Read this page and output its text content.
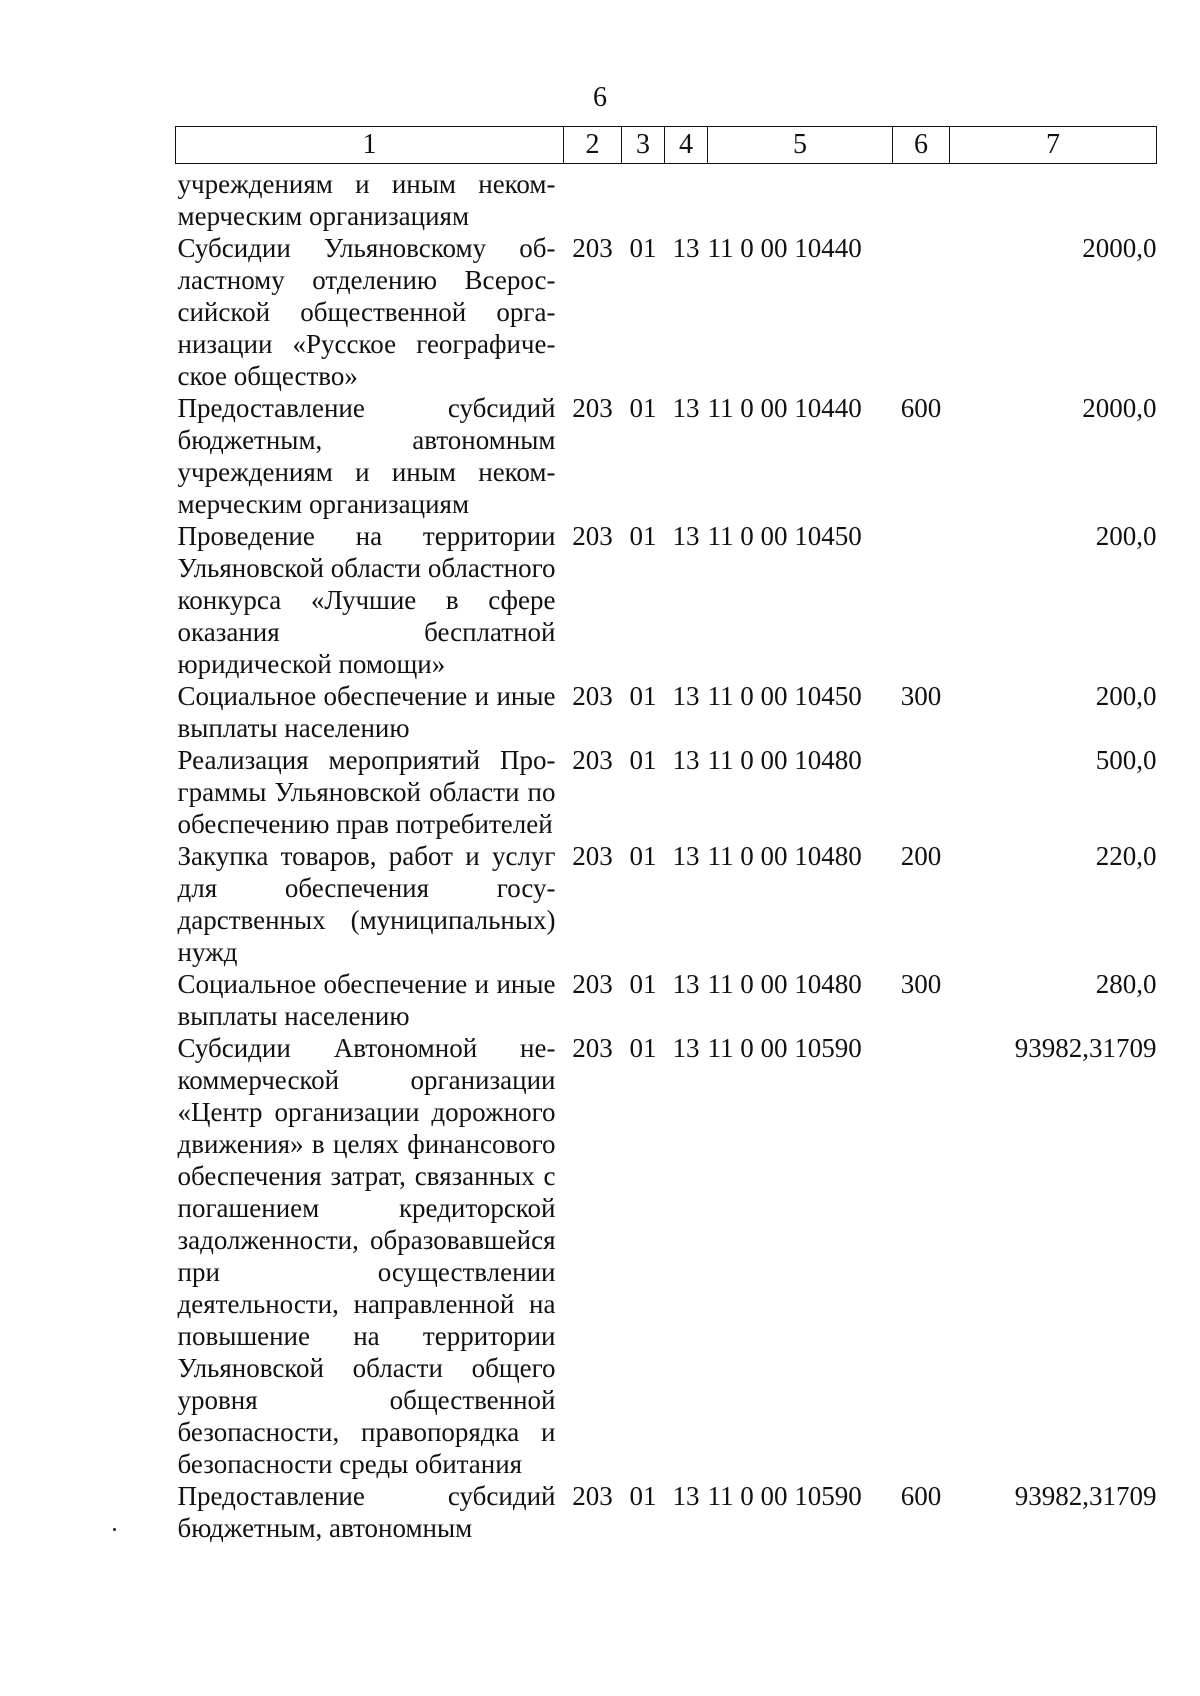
6
1	2	3	4	5	6	7
учреждениям и иным некоммерческим организациям						
Субсидии Ульяновскому областному отделению Всероссийской общественной организации «Русское географическое общество»	203	01	13	11 0 00 10440		2000,0
Предоставление субсидий бюджетным, автономным учреждениям и иным некоммерческим организациям	203	01	13	11 0 00 10440	600	2000,0
Проведение на территории Ульяновской области областного конкурса «Лучшие в сфере оказания бесплатной юридической помощи»	203	01	13	11 0 00 10450		200,0
Социальное обеспечение и иные выплаты населению	203	01	13	11 0 00 10450	300	200,0
Реализация мероприятий Программы Ульяновской области по обеспечению прав потребителей	203	01	13	11 0 00 10480		500,0
Закупка товаров, работ и услуг для обеспечения государственных (муниципальных) нужд	203	01	13	11 0 00 10480	200	220,0
Социальное обеспечение и иные выплаты населению	203	01	13	11 0 00 10480	300	280,0
Субсидии Автономной некоммерческой организации «Центр организации дорожного движения» в целях финансового обеспечения затрат, связанных с погашением кредиторской задолженности, образовавшейся при осуществлении деятельности, направленной на повышение на территории Ульяновской области общего уровня общественной безопасности, правопорядка и безопасности среды обитания	203	01	13	11 0 00 10590		93982,31709
Предоставление субсидий бюджетным, автономным	203	01	13	11 0 00 10590	600	93982,31709
